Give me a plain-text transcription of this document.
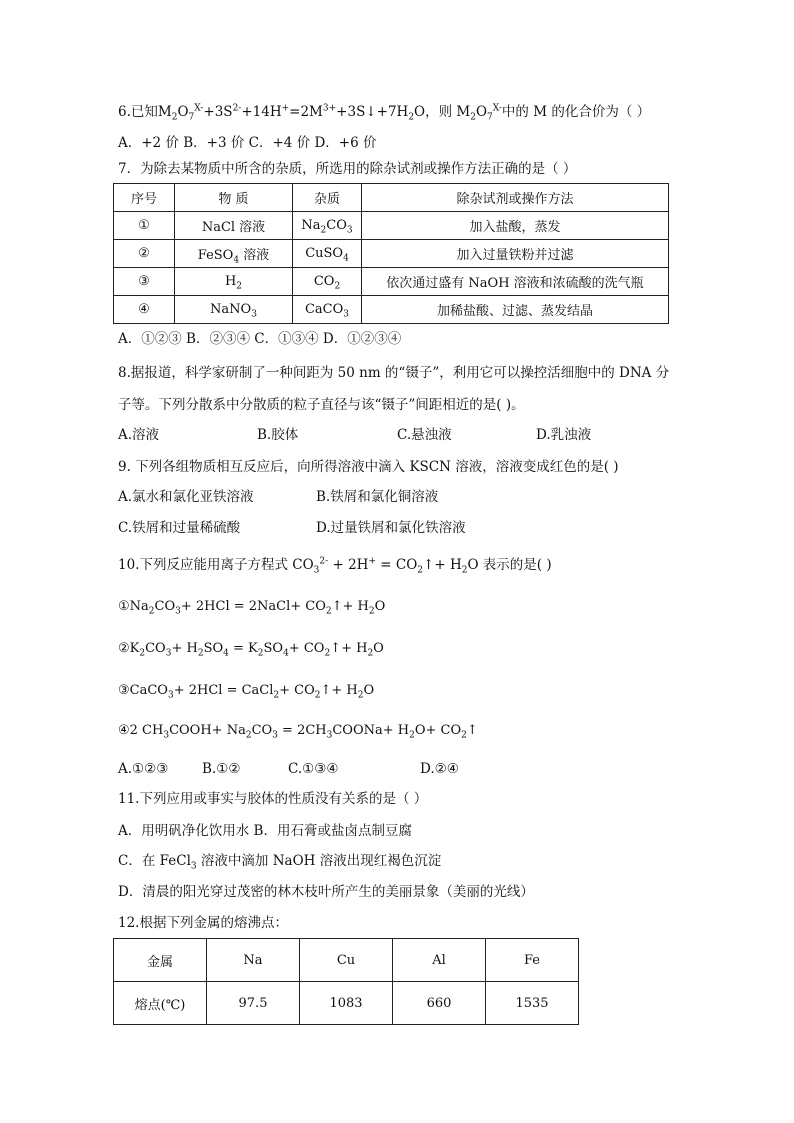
6.已知$M_2O_7^{X-}+3S^{2-}+14H^+=2M^{3+}+3S↓+7H_2O$，则 $M_2O_7^{X-}$中的 M 的化合价为（ ）
A．+2 价 B．+3 价 C．+4 价 D．+6 价
7．为除去某物质中所含的杂质，所选用的除杂试剂或操作方法正确的是（ ）
序号	物 质	杂质	除杂试剂或操作方法
①	NaCl 溶液	$Na_2CO_3$	加入盐酸，蒸发
②	FeSO$_4$ 溶液	CuSO$_4$	加入过量铁粉并过滤
③	$H_2$	$CO_2$	依次通过盛有 NaOH 溶液和浓硫酸的洗气瓶
④	NaNO$_3$	CaCO$_3$	加稀盐酸、过滤、蒸发结晶
A．①②③ B．②③④ C．①③④ D．①②③④
8.据报道，科学家研制了一种间距为 50 nm 的“镊子”，利用它可以操控活细胞中的 DNA 分
子等。下列分散系中分散质的粒子直径与该“镊子”间距相近的是( )。
A.溶液	B.胶体	C.悬浊液	D.乳浊液
9. 下列各组物质相互反应后，向所得溶液中滴入 KSCN 溶液，溶液变成红色的是( )
A.氯水和氯化亚铁溶液	B.铁屑和氯化铜溶液
C.铁屑和过量稀硫酸	D.过量铁屑和氯化铁溶液
10.下列反应能用离子方程式 $CO_3^{2-} + 2H^+$ = $CO_2↑+ H_2O$ 表示的是( )
$①Na_2CO_3+ 2HCl$ = 2NaCl+ $CO_2↑+ H_2O$
$②K_2CO_3+ H_2SO_4 = K_2SO_4+$ $CO_2↑+ H_2O$
③CaCO$_3$+ 2HCl = CaCl$_2$+ $CO_2↑+ H_2O$
④2 $CH_3COOH+ Na_2CO_3$ = $2CH_3COONa+ H_2O+$ $CO_2↑$
A.①②③ B.①②	C.①③④	D.②④
11.下列应用或事实与胶体的性质没有关系的是（ ）
A．用明矾净化饮用水 B．用石膏或盐卤点制豆腐
C．在 FeCl$_3$ 溶液中滴加 NaOH 溶液出现红褐色沉淀
D．清晨的阳光穿过茂密的林木枝叶所产生的美丽景象（美丽的光线）
12.根据下列金属的熔沸点：
金属	Na	Cu	Al	Fe
熔点(℃)	97.5	1083	660	1535
